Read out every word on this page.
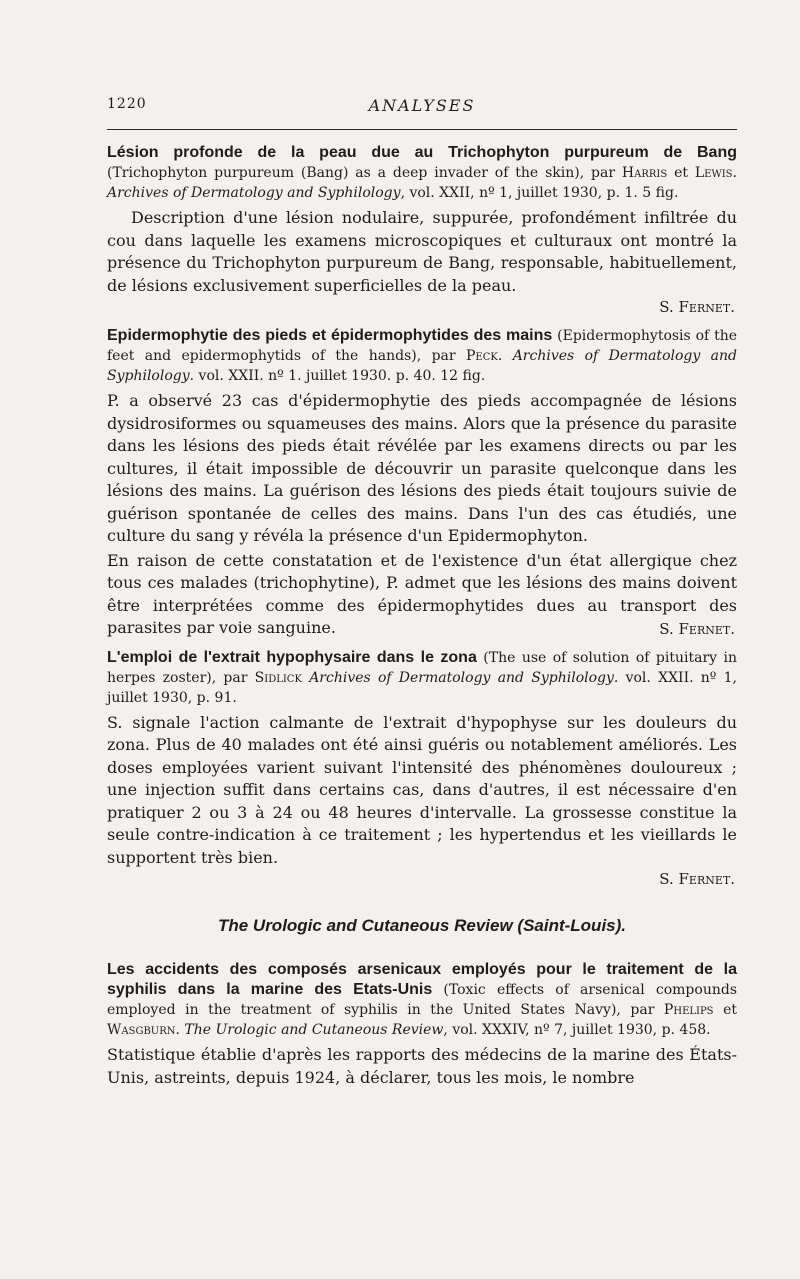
1220	ANALYSES

Lésion profonde de la peau due au Trichophyton purpureum de Bang (Trichophyton purpureum (Bang) as a deep invader of the skin), par Harris et Lewis. Archives of Dermatology and Syphilology, vol. XXII, nº 1, juillet 1930, p. 1. 5 fig.

Description d'une lésion nodulaire, suppurée, profondément infiltrée du cou dans laquelle les examens microscopiques et culturaux ont montré la présence du Trichophyton purpureum de Bang, responsable, habituellement, de lésions exclusivement superficielles de la peau.

S. Fernet.

Epidermophytie des pieds et épidermophytides des mains (Epidermophytosis of the feet and epidermophytids of the hands), par Peck. Archives of Dermatology and Syphilology. vol. XXII. nº 1. juillet 1930. p. 40. 12 fig.

P. a observé 23 cas d'épidermophytie des pieds accompagnée de lésions dysidrosiformes ou squameuses des mains. Alors que la présence du parasite dans les lésions des pieds était révélée par les examens directs ou par les cultures, il était impossible de découvrir un parasite quelconque dans les lésions des mains. La guérison des lésions des pieds était toujours suivie de guérison spontanée de celles des mains. Dans l'un des cas étudiés, une culture du sang y révéla la présence d'un Epidermophyton.

En raison de cette constatation et de l'existence d'un état allergique chez tous ces malades (trichophytine), P. admet que les lésions des mains doivent être interprétées comme des épidermophytides dues au transport des parasites par voie sanguine.	S. Fernet.

L'emploi de l'extrait hypophysaire dans le zona (The use of solution of pituitary in herpes zoster), par Sidlick Archives of Dermatology and Syphilology. vol. XXII. nº 1, juillet 1930, p. 91.

S. signale l'action calmante de l'extrait d'hypophyse sur les douleurs du zona. Plus de 40 malades ont été ainsi guéris ou notablement améliorés. Les doses employées varient suivant l'intensité des phénomènes douloureux ; une injection suffit dans certains cas, dans d'autres, il est nécessaire d'en pratiquer 2 ou 3 à 24 ou 48 heures d'intervalle. La grossesse constitue la seule contre-indication à ce traitement ; les hypertendus et les vieillards le supportent très bien.

S. Fernet.

The Urologic and Cutaneous Review (Saint-Louis).

Les accidents des composés arsenicaux employés pour le traitement de la syphilis dans la marine des Etats-Unis (Toxic effects of arsenical compounds employed in the treatment of syphilis in the United States Navy), par Phelips et Wasgburn. The Urologic and Cutaneous Review, vol. XXXIV, nº 7, juillet 1930, p. 458.

Statistique établie d'après les rapports des médecins de la marine des États-Unis, astreints, depuis 1924, à déclarer, tous les mois, le nombre
